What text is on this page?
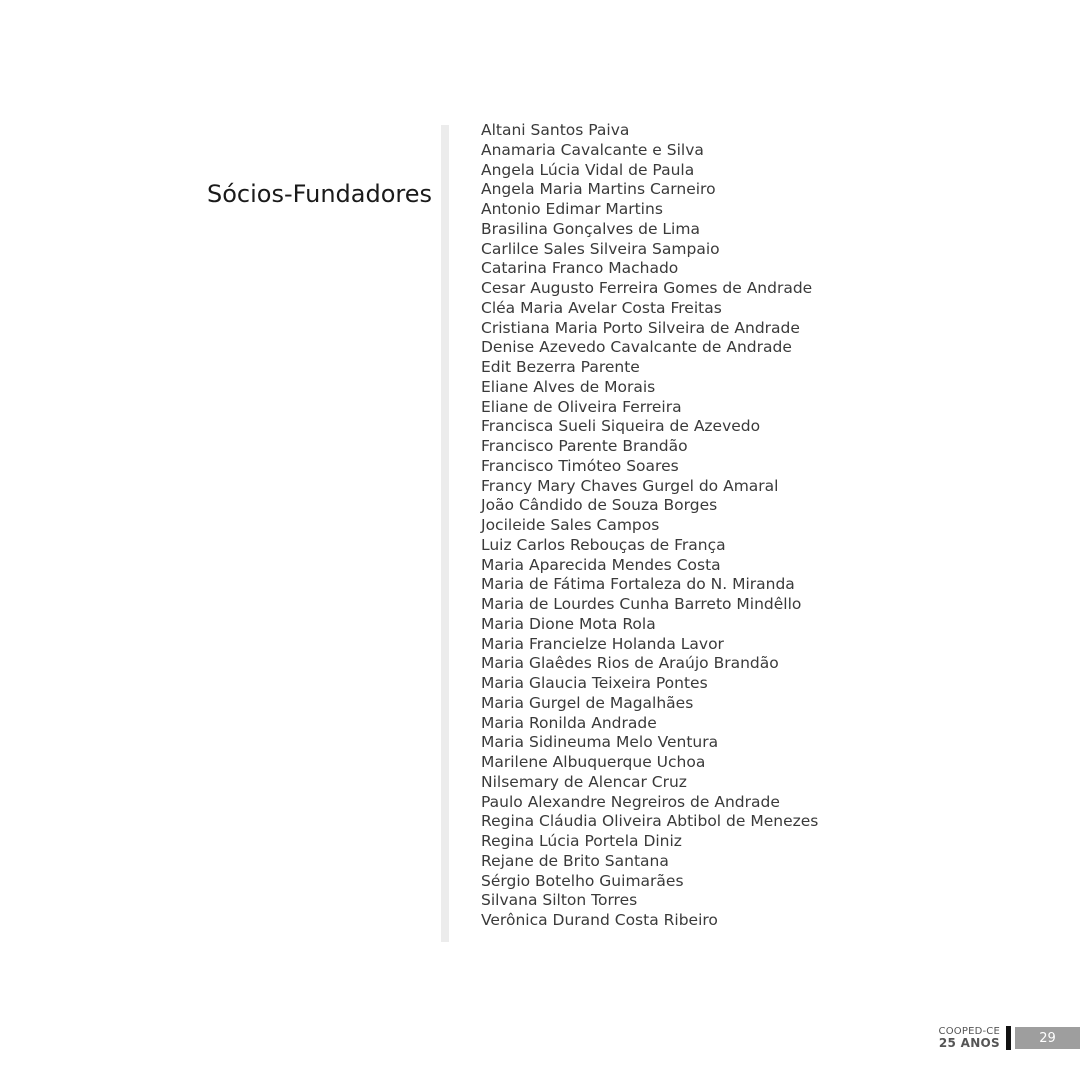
Sócios-Fundadores
Altani Santos Paiva
Anamaria Cavalcante e Silva
Angela Lúcia Vidal de Paula
Angela Maria Martins Carneiro
Antonio Edimar Martins
Brasilina Gonçalves de Lima
Carlilce Sales Silveira Sampaio
Catarina Franco Machado
Cesar Augusto Ferreira Gomes de Andrade
Cléa Maria Avelar Costa Freitas
Cristiana Maria Porto Silveira de Andrade
Denise Azevedo Cavalcante de Andrade
Edit Bezerra Parente
Eliane Alves de Morais
Eliane de Oliveira Ferreira
Francisca Sueli Siqueira de Azevedo
Francisco Parente Brandão
Francisco Timóteo Soares
Francy Mary Chaves Gurgel do Amaral
João Cândido de Souza Borges
Jocileide Sales Campos
Luiz Carlos Rebouças de França
Maria Aparecida Mendes Costa
Maria de Fátima Fortaleza do N. Miranda
Maria de Lourdes Cunha Barreto Mindêllo
Maria Dione Mota Rola
Maria Francielze Holanda Lavor
Maria Glaêdes Rios de Araújo Brandão
Maria Glaucia Teixeira Pontes
Maria Gurgel de Magalhães
Maria Ronilda Andrade
Maria Sidineuma Melo Ventura
Marilene Albuquerque Uchoa
Nilsemary de Alencar Cruz
Paulo Alexandre Negreiros de Andrade
Regina Cláudia Oliveira Abtibol de Menezes
Regina Lúcia Portela Diniz
Rejane de Brito Santana
Sérgio Botelho Guimarães
Silvana Silton Torres
Verônica Durand Costa Ribeiro
COOPED-CE
25 ANOS	29
